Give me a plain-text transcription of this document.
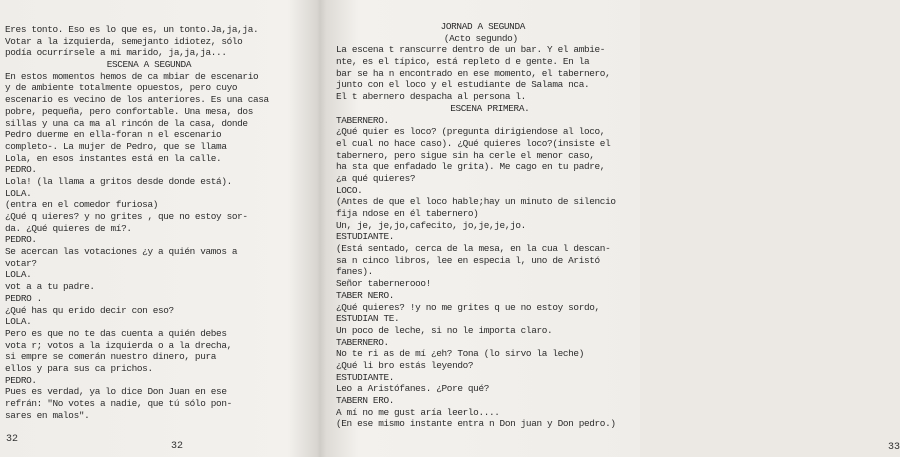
Eres tonto. Eso es lo que es, un tonto.Ja,ja,ja.
Votar a la izquierda, semejanto idiotez, sólo
podía ocurrírsele a mi marido, ja,ja,ja...
ESCENA A SEGUNDA
En estos momentos hemos de ca mbiar de escenario
y de ambiente totalmente opuestos, pero cuyo
escenario es vecino de los anteriores. Es una casa
pobre, pequeña, pero confortable. Una mesa, dos
sillas y una ca ma al rincón de la casa, donde
Pedro duerme en ella-foran n el escenario
completo-. La mujer de Pedro, que se llama
Lola, en esos instantes está en la calle.
PEDRO.
Lola! (la llama a gritos desde donde está).
LOLA.
(entra en el comedor furiosa)
¿Qué q uieres? y no grites , que no estoy sor-
da. ¿Qué quieres de mí?.
PEDRO.
Se acercan las votaciones ¿y a quién vamos a
votar?
LOLA.
vot a a tu padre.
PEDRO .
¿Qué has qu erido decir con eso?
LOLA.
Pero es que no te das cuenta a quién debes
vota r; votos a la izquierda o a la drecha,
si empre se comerán nuestro dinero, pura
ellos y para sus ca prichos.
PEDRO.
Pues es verdad, ya lo dice Don Juan en ese
refrán: "No votes a nadie, que tú sólo pon-
sares en malos".
32
32
JORNAD A SEGUNDA
(Acto segundo)
La escena t ranscurre dentro de un bar. Y el ambie-
nte, es el típico, está repleto d e gente. En la
bar se ha n encontrado en ese momento, el tabernero,
junto con el loco y el estudiante de Salama nca.
El t abernero despacha al persona l.
ESCENA PRIMERA.
TABERNERO.
¿Qué quier es loco? (pregunta dirigiendose al loco,
el cual no hace caso). ¿Qué quieres loco?(insiste el
tabernero, pero sigue sin ha cerle el menor caso,
ha sta que enfadado le grita). Me cago en tu padre,
¿a qué quieres?
LOCO.
(Antes de que el loco hable;hay un minuto de silencio
fija ndose en él tabernero)
Un, je, je,jo,cafecito, jo,je,je,jo.
ESTUDIANTE.
(Está sentado, cerca de la mesa, en la cua l descan-
sa n cinco libros, lee en especia l, uno de Aristó
fanes).
Señor tabernerooo!
TABER NERO.
¿Qué quieres? !y no me grites q ue no estoy sordo,
ESTUDIAN TE.
Un poco de leche, si no le importa claro.
TABERNERO.
No te ri as de mí ¿eh? Tona (lo sirvo la leche)
¿Qué li bro estás leyendo?
ESTUDIANTE.
Leo a Aristófanes. ¿Pore qué?
TABERN ERO.
A mí no me gust aría leerlo....
(En ese mismo instante entra n Don juan y Don pedro.)
33
